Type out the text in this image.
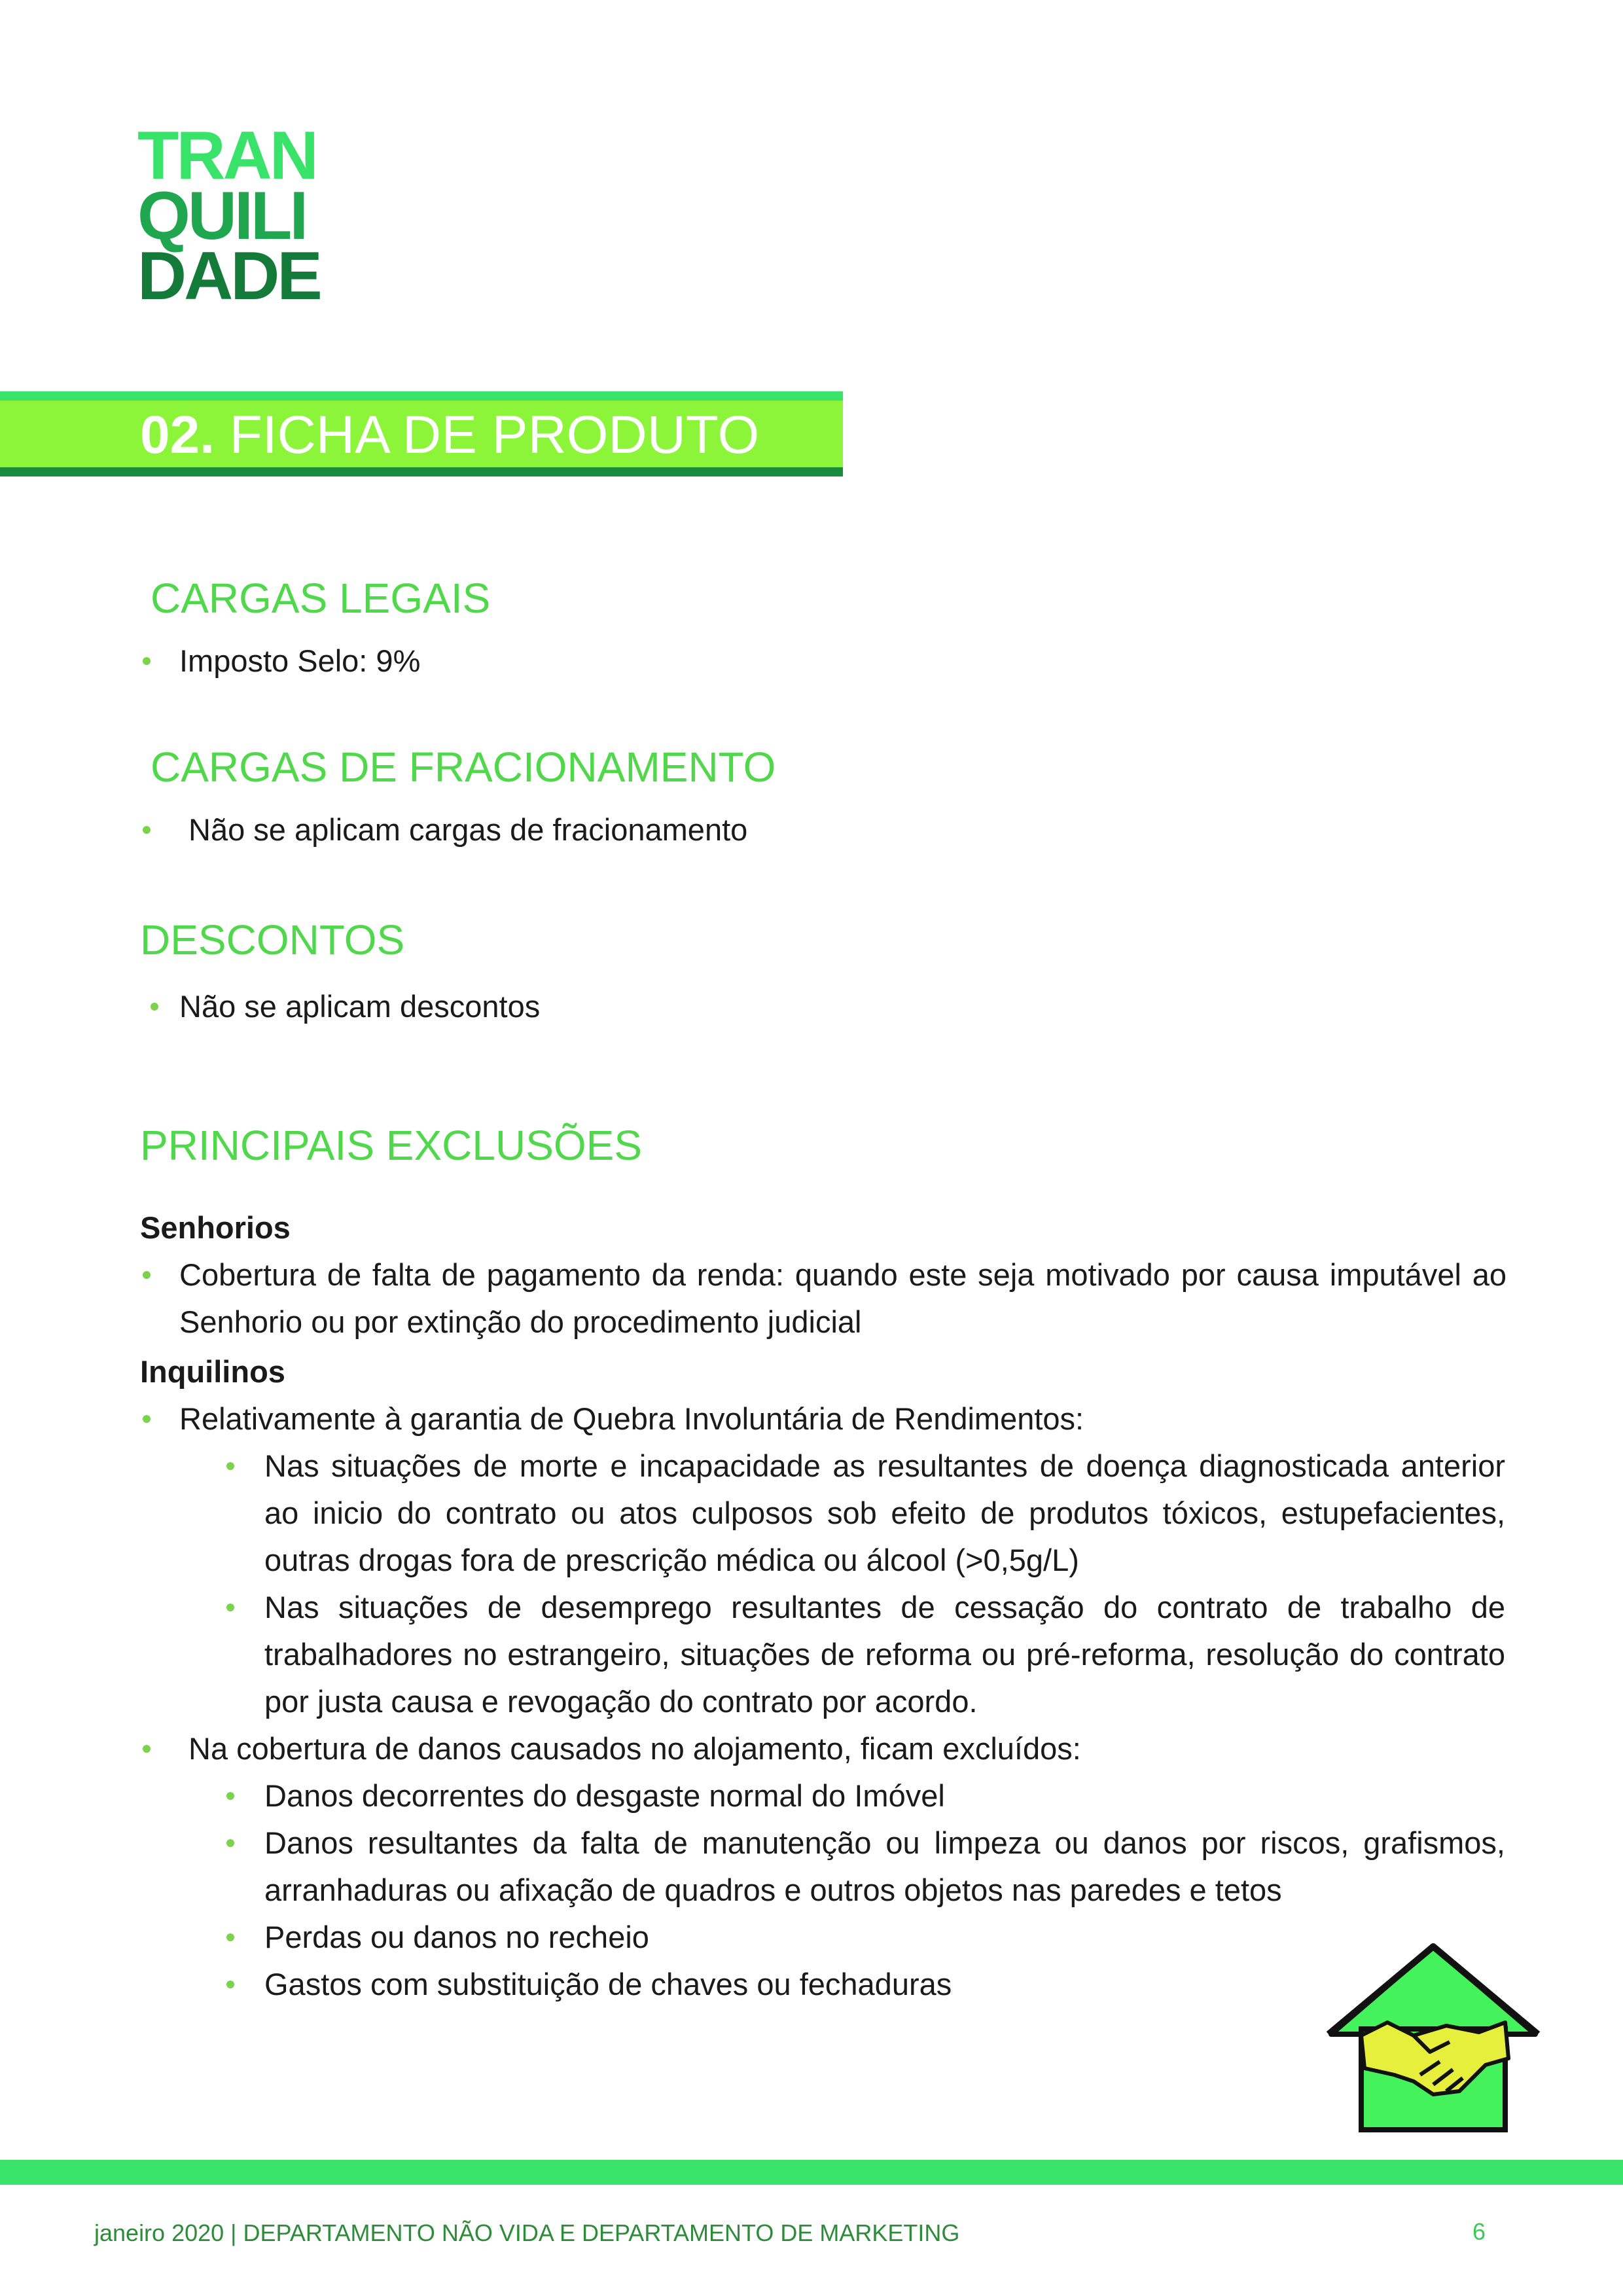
TRAN
QUILI
DADE
02. FICHA DE PRODUTO
CARGAS LEGAIS
Imposto Selo: 9%
CARGAS DE FRACIONAMENTO
Não se aplicam cargas de fracionamento
DESCONTOS
Não se aplicam descontos
PRINCIPAIS EXCLUSÕES
Senhorios
Cobertura de falta de pagamento da renda: quando este seja motivado por causa imputável ao Senhorio ou por extinção do procedimento judicial
Inquilinos
Relativamente à garantia de Quebra Involuntária de Rendimentos:
Nas situações de morte e incapacidade as resultantes de doença diagnosticada anterior ao inicio do contrato ou atos culposos sob efeito de produtos tóxicos, estupefacientes, outras drogas fora de prescrição médica ou álcool (>0,5g/L)
Nas situações de desemprego resultantes de cessação do contrato de trabalho de trabalhadores no estrangeiro, situações de reforma ou pré-reforma, resolução do contrato por justa causa e revogação do contrato por acordo.
Na cobertura de danos causados no alojamento, ficam excluídos:
Danos decorrentes do desgaste normal do Imóvel
Danos resultantes da falta de manutenção ou limpeza ou danos por riscos, grafismos, arranhaduras ou afixação de quadros e outros objetos nas paredes e tetos
Perdas ou danos no recheio
Gastos com substituição de chaves ou fechaduras
janeiro 2020 | DEPARTAMENTO NÃO VIDA E DEPARTAMENTO DE MARKETING	6
